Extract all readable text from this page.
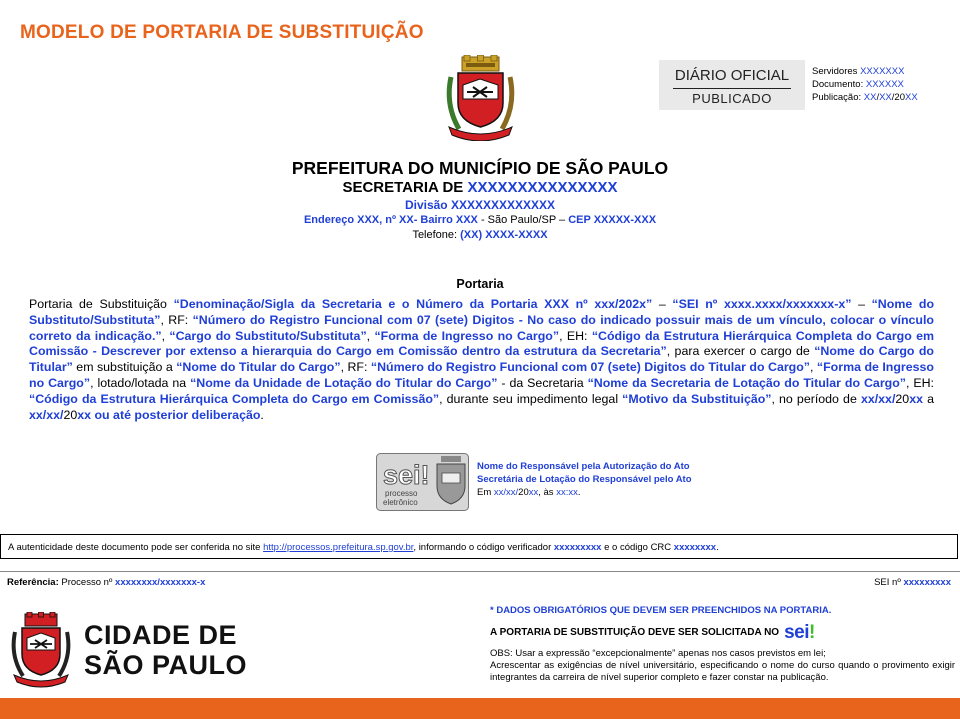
MODELO DE PORTARIA DE SUBSTITUIÇÃO
DIÁRIO OFICIAL
PUBLICADO
Servidores XXXXXXX
Documento: XXXXXX
Publicação: XX/XX/20XX
PREFEITURA DO MUNICÍPIO DE SÃO PAULO
SECRETARIA DE XXXXXXXXXXXXXXX
Divisão XXXXXXXXXXXXX
Endereço XXX, nº XX- Bairro XXX - São Paulo/SP – CEP XXXXX-XXX
Telefone: (XX) XXXX-XXXX
Portaria
Portaria de Substituição “Denominação/Sigla da Secretaria e o Número da Portaria XXX nº xxx/202x” – “SEI nº xxxx.xxxx/xxxxxxx-x” – “Nome do Substituto/Substituta”, RF: “Número do Registro Funcional com 07 (sete) Digitos - No caso do indicado possuir mais de um vínculo, colocar o vínculo correto da indicação.”, “Cargo do Substituto/Substituta”, “Forma de Ingresso no Cargo”, EH: “Código da Estrutura Hierárquica Completa do Cargo em Comissão - Descrever por extenso a hierarquia do Cargo em Comissão dentro da estrutura da Secretaria”, para exercer o cargo de “Nome do Cargo do Titular” em substituição a “Nome do Titular do Cargo”, RF: “Número do Registro Funcional com 07 (sete) Digitos do Titular do Cargo”, “Forma de Ingresso no Cargo”, lotado/lotada na “Nome da Unidade de Lotação do Titular do Cargo” - da Secretaria “Nome da Secretaria de Lotação do Titular do Cargo”, EH: “Código da Estrutura Hierárquica Completa do Cargo em Comissão”, durante seu impedimento legal “Motivo da Substituição”, no período de xx/xx/20xx a xx/xx/20xx ou até posterior deliberação.
sei!
processo
eletrônico
Nome do Responsável pela Autorização do Ato
Secretária de Lotação do Responsável pelo Ato
Em xx/xx/20xx, às xx:xx.
A autenticidade deste documento pode ser conferida no site http://processos.prefeitura.sp.gov.br, informando o código verificador xxxxxxxxx e o código CRC xxxxxxxx.
Referência: Processo nº xxxxxxxx/xxxxxxx-x	SEI nº xxxxxxxxx
CIDADE DE
SÃO PAULO
* DADOS OBRIGATÓRIOS QUE DEVEM SER PREENCHIDOS NA PORTARIA.
A PORTARIA DE SUBSTITUIÇÃO DEVE SER SOLICITADA NO sei!
OBS: Usar a expressão “excepcionalmente” apenas nos casos previstos em lei;
Acrescentar as exigências de nível universitário, especificando o nome do curso quando o provimento exigir integrantes da carreira de nível superior completo e fazer constar na publicação.
